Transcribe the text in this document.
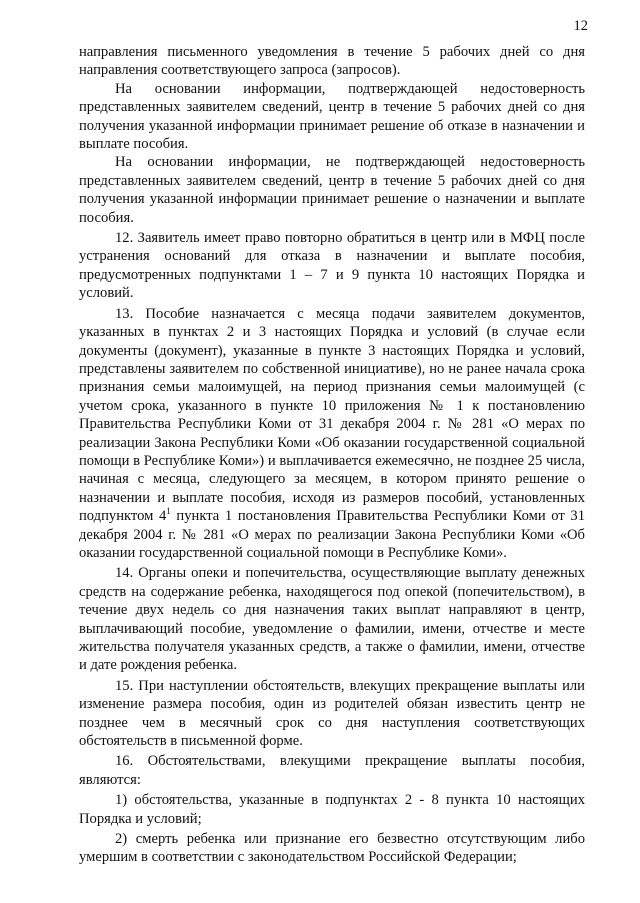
12

направления письменного уведомления в течение 5 рабочих дней со дня направления соответствующего запроса (запросов).

На основании информации, подтверждающей недостоверность представленных заявителем сведений, центр в течение 5 рабочих дней со дня получения указанной информации принимает решение об отказе в назначении и выплате пособия.

На основании информации, не подтверждающей недостоверность представленных заявителем сведений, центр в течение 5 рабочих дней со дня получения указанной информации принимает решение о назначении и выплате пособия.

12. Заявитель имеет право повторно обратиться в центр или в МФЦ после устранения оснований для отказа в назначении и выплате пособия, предусмотренных подпунктами 1 – 7 и 9 пункта 10 настоящих Порядка и условий.

13. Пособие назначается с месяца подачи заявителем документов, указанных в пунктах 2 и 3 настоящих Порядка и условий (в случае если документы (документ), указанные в пункте 3 настоящих Порядка и условий, представлены заявителем по собственной инициативе), но не ранее начала срока признания семьи малоимущей, на период признания семьи малоимущей (с учетом срока, указанного в пункте 10 приложения № 1 к постановлению Правительства Республики Коми от 31 декабря 2004 г. № 281 «О мерах по реализации Закона Республики Коми «Об оказании государственной социальной помощи в Республике Коми») и выплачивается ежемесячно, не позднее 25 числа, начиная с месяца, следующего за месяцем, в котором принято решение о назначении и выплате пособия, исходя из размеров пособий, установленных подпунктом $4^1$ пункта 1 постановления Правительства Республики Коми от 31 декабря 2004 г. № 281 «О мерах по реализации Закона Республики Коми «Об оказании государственной социальной помощи в Республике Коми».

14. Органы опеки и попечительства, осуществляющие выплату денежных средств на содержание ребенка, находящегося под опекой (попечительством), в течение двух недель со дня назначения таких выплат направляют в центр, выплачивающий пособие, уведомление о фамилии, имени, отчестве и месте жительства получателя указанных средств, а также о фамилии, имени, отчестве и дате рождения ребенка.

15. При наступлении обстоятельств, влекущих прекращение выплаты или изменение размера пособия, один из родителей обязан известить центр не позднее чем в месячный срок со дня наступления соответствующих обстоятельств в письменной форме.

16. Обстоятельствами, влекущими прекращение выплаты пособия, являются:

1) обстоятельства, указанные в подпунктах 2 - 8 пункта 10 настоящих Порядка и условий;

2) смерть ребенка или признание его безвестно отсутствующим либо умершим в соответствии с законодательством Российской Федерации;
